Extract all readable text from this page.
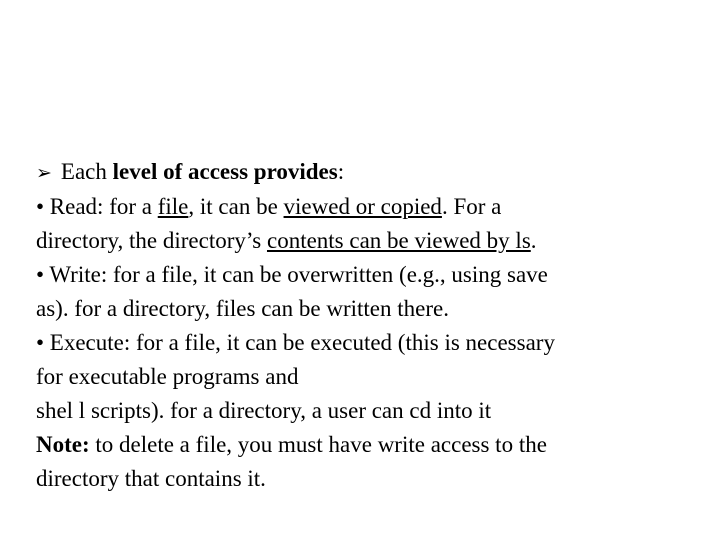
➢ Each level of access provides:
• Read: for a file, it can be viewed or copied. For a
directory, the directory’s contents can be viewed by ls.
• Write: for a file, it can be overwritten (e.g., using save
as). for a directory, files can be written there.
• Execute: for a file, it can be executed (this is necessary
for executable programs and
shel l scripts). for a directory, a user can cd into it
Note: to delete a file, you must have write access to the
directory that contains it.
